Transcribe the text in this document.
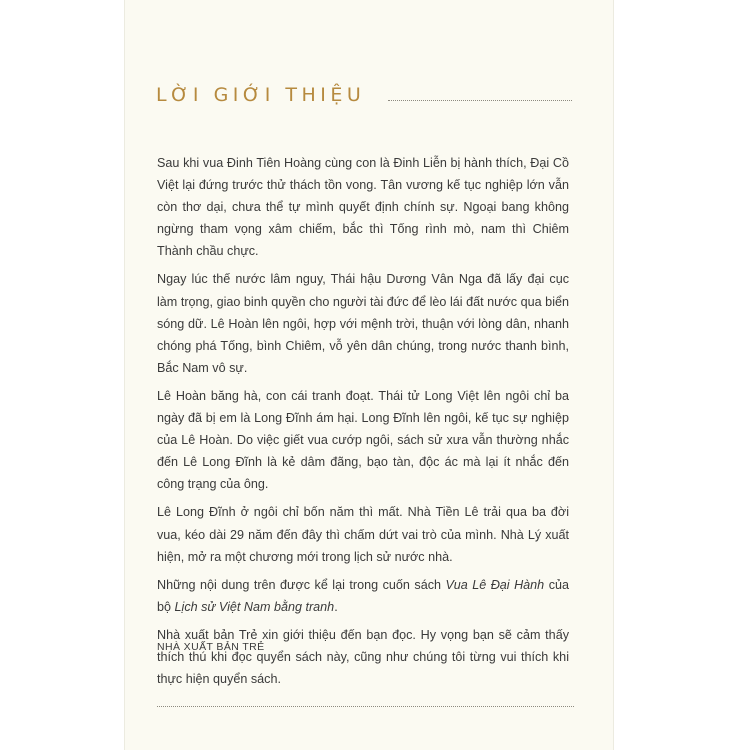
LỜI GIỚI THIỆU

Sau khi vua Đinh Tiên Hoàng cùng con là Đinh Liễn bị hành thích, Đại Cồ Việt lại đứng trước thử thách tồn vong. Tân vương kế tục nghiệp lớn vẫn còn thơ dại, chưa thể tự mình quyết định chính sự. Ngoại bang không ngừng tham vọng xâm chiếm, bắc thì Tống rình mò, nam thì Chiêm Thành chầu chực.

Ngay lúc thế nước lâm nguy, Thái hậu Dương Vân Nga đã lấy đại cục làm trọng, giao binh quyền cho người tài đức để lèo lái đất nước qua biển sóng dữ. Lê Hoàn lên ngôi, hợp với mệnh trời, thuận với lòng dân, nhanh chóng phá Tống, bình Chiêm, vỗ yên dân chúng, trong nước thanh bình, Bắc Nam vô sự.

Lê Hoàn băng hà, con cái tranh đoạt. Thái tử Long Việt lên ngôi chỉ ba ngày đã bị em là Long Đĩnh ám hại. Long Đĩnh lên ngôi, kế tục sự nghiệp của Lê Hoàn. Do việc giết vua cướp ngôi, sách sử xưa vẫn thường nhắc đến Lê Long Đĩnh là kẻ dâm đãng, bạo tàn, độc ác mà lại ít nhắc đến công trạng của ông.

Lê Long Đĩnh ở ngôi chỉ bốn năm thì mất. Nhà Tiền Lê trải qua ba đời vua, kéo dài 29 năm đến đây thì chấm dứt vai trò của mình. Nhà Lý xuất hiện, mở ra một chương mới trong lịch sử nước nhà.

Những nội dung trên được kể lại trong cuốn sách Vua Lê Đại Hành của bộ Lịch sử Việt Nam bằng tranh.

Nhà xuất bản Trẻ xin giới thiệu đến bạn đọc. Hy vọng bạn sẽ cảm thấy thích thú khi đọc quyển sách này, cũng như chúng tôi từng vui thích khi thực hiện quyển sách.

NHÀ XUẤT BẢN TRẺ
